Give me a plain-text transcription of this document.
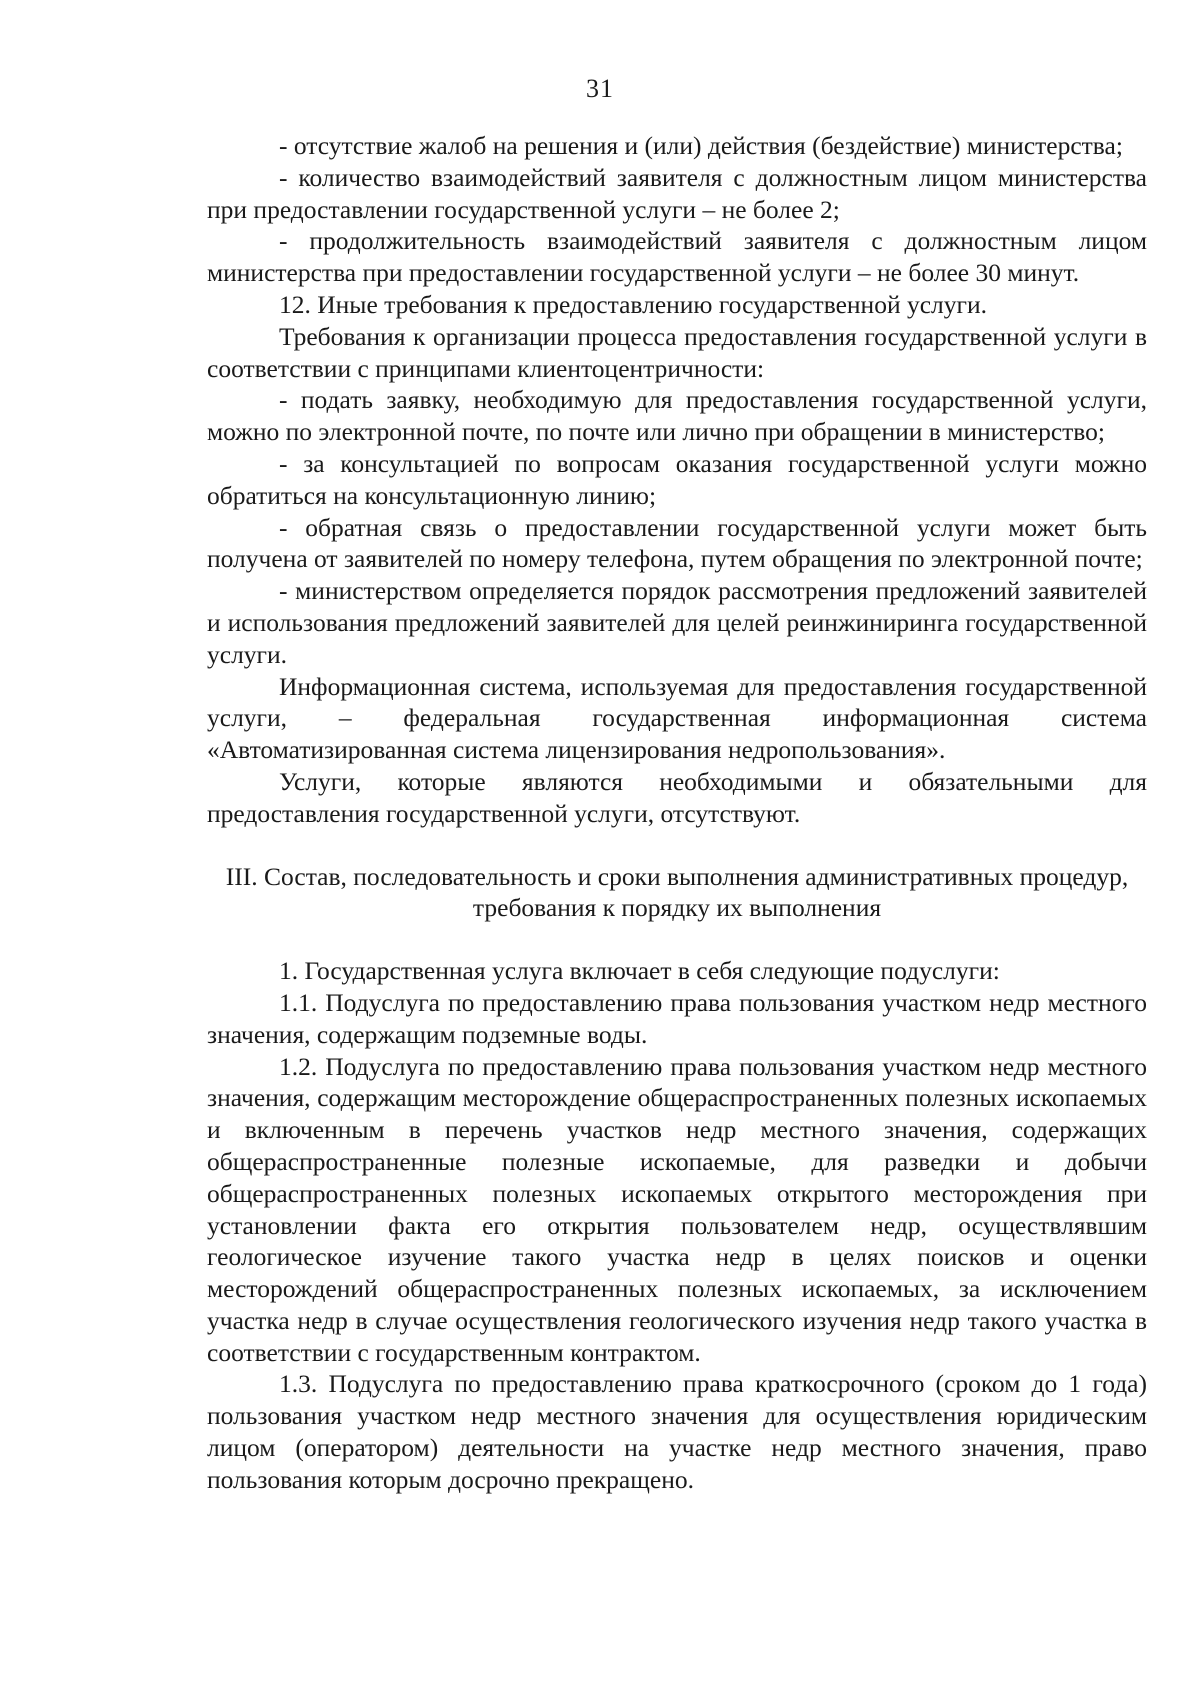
31

- отсутствие жалоб на решения и (или) действия (бездействие) министерства;

- количество взаимодействий заявителя с должностным лицом министерства при предоставлении государственной услуги – не более 2;

- продолжительность взаимодействий заявителя с должностным лицом министерства при предоставлении государственной услуги – не более 30 минут.

12. Иные требования к предоставлению государственной услуги.

Требования к организации процесса предоставления государственной услуги в соответствии с принципами клиентоцентричности:

- подать заявку, необходимую для предоставления государственной услуги, можно по электронной почте, по почте или лично при обращении в министерство;

- за консультацией по вопросам оказания государственной услуги можно обратиться на консультационную линию;

- обратная связь о предоставлении государственной услуги может быть получена от заявителей по номеру телефона, путем обращения по электронной почте;

- министерством определяется порядок рассмотрения предложений заявителей и использования предложений заявителей для целей реинжиниринга государственной услуги.

Информационная система, используемая для предоставления государственной услуги, – федеральная государственная информационная система «Автоматизированная система лицензирования недропользования».

Услуги, которые являются необходимыми и обязательными для предоставления государственной услуги, отсутствуют.

III. Состав, последовательность и сроки выполнения административных процедур, требования к порядку их выполнения

1. Государственная услуга включает в себя следующие подуслуги:

1.1. Подуслуга по предоставлению права пользования участком недр местного значения, содержащим подземные воды.

1.2. Подуслуга по предоставлению права пользования участком недр местного значения, содержащим месторождение общераспространенных полезных ископаемых и включенным в перечень участков недр местного значения, содержащих общераспространенные полезные ископаемые, для разведки и добычи общераспространенных полезных ископаемых открытого месторождения при установлении факта его открытия пользователем недр, осуществлявшим геологическое изучение такого участка недр в целях поисков и оценки месторождений общераспространенных полезных ископаемых, за исключением участка недр в случае осуществления геологического изучения недр такого участка в соответствии с государственным контрактом.

1.3. Подуслуга по предоставлению права краткосрочного (сроком до 1 года) пользования участком недр местного значения для осуществления юридическим лицом (оператором) деятельности на участке недр местного значения, право пользования которым досрочно прекращено.
